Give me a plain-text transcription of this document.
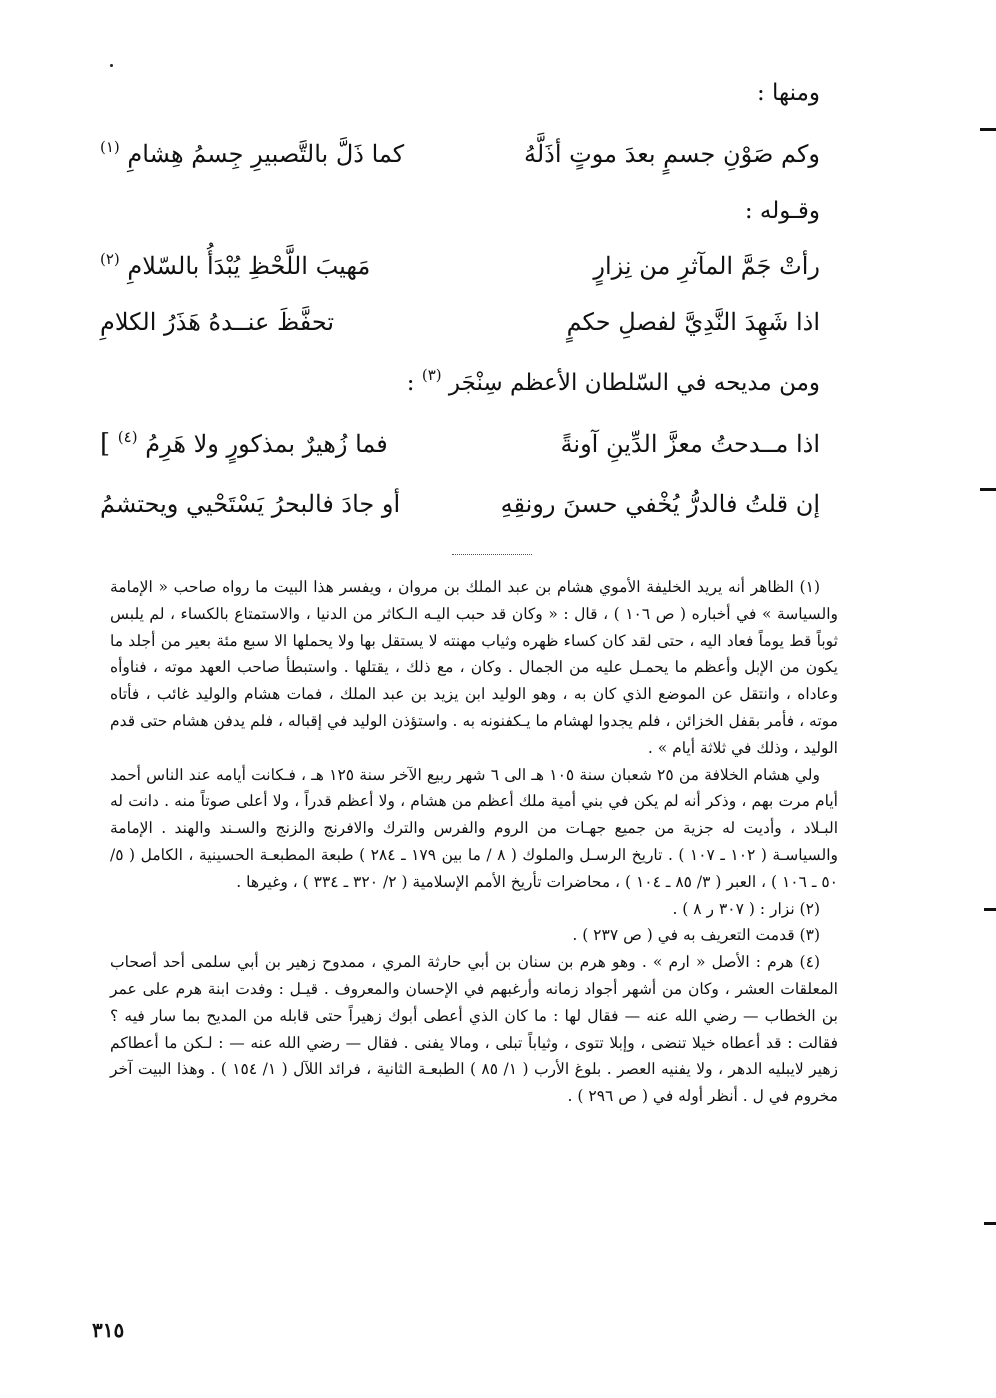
ومنها :
وكم صَوْنِ جسمٍ بعدَ موتٍ أذَلَّهُ
كما ذَلَّ بالتَّصبيرِ جِسمُ هِشامِ $^{(١)}$
وقـوله :
رأتْ جَمَّ المآثرِ من نِزارٍ
مَهيبَ اللَّحْظِ يُبْدَأُ بالسّلامِ $^{(٢)}$
اذا شَهِدَ النَّدِيَّ لفصلِ حكمٍ
تحفَّظَ عنــدهُ هَذَرُ الكلامِ
ومن مديحه في السّلطان الأعظم سِنْجَر $^{(٣)}$ :
اذا مــدحتُ معزَّ الدِّينِ آونةً
فما زُهيرٌ بمذكورٍ ولا هَرِمُ $^{(٤)}$ ]
إن قلتُ فالدرُّ يُخْفي حسنَ رونقِهِ
أو جادَ فالبحرُ يَسْتَحْيي ويحتشمُ

(١) الظاهر أنه يريد الخليفة الأموي هشام بن عبد الملك بن مروان ، ويفسر هذا البيت ما رواه صاحب « الإمامة والسياسة » في أخباره ( ص ١٠٦ ) ، قال : « وكان قد حبب اليـه الـكاثر من الدنيا ، والاستمتاع بالكساء ، لم يلبس ثوباً قط يوماً فعاد اليه ، حتى لقد كان كساء ظهره وثياب مهنته لا يستقل بها ولا يحملها الا سبع مئة بعير من أجلد ما يكون من الإبل وأعظم ما يحمـل عليه من الجمال . وكان ، مع ذلك ، يقتلها . واستبطأ صاحب العهد موته ، فناوأه وعاداه ، وانتقل عن الموضع الذي كان به ، وهو الوليد ابن يزيد بن عبد الملك ، فمات هشام والوليد غائب ، فأتاه موته ، فأمر بقفل الخزائن ، فلم يجدوا لهشام ما يـكفنونه به . واستؤذن الوليد في إقباله ، فلم يدفن هشام حتى قدم الوليد ، وذلك في ثلاثة أيام » .

ولي هشام الخلافة من ٢٥ شعبان سنة ١٠٥ هـ الى ٦ شهر ربيع الآخر سنة ١٢٥ هـ ، فـكانت أيامه عند الناس أحمد أيام مرت بهم ، وذكر أنه لم يكن في بني أمية ملك أعظم من هشام ، ولا أعظم قدراً ، ولا أعلى صوتاً منه . دانت له البـلاد ، وأديت له جزية من جميع جهـات من الروم والفرس والترك والافرنج والزنج والسـند والهند . الإمامة والسياسـة ( ١٠٢ ـ ١٠٧ ) . تاريخ الرسـل والملوك ( ٨ / ما بين ١٧٩ ـ ٢٨٤ ) طبعة المطبعـة الحسينية ، الكامل ( ٥/ ٥٠ ـ ١٠٦ ) ، العبر ( ٣/ ٨٥ ـ ١٠٤ ) ، محاضرات تأريخ الأمم الإسلامية ( ٢/ ٣٢٠ ـ ٣٣٤ ) ، وغيرها .

(٢) نزار : ( ٣٠٧ ر ٨ ) .

(٣) قدمت التعريف به في ( ص ٢٣٧ ) .

(٤) هرم : الأصل « ارم » . وهو هرم بن سنان بن أبي حارثة المري ، ممدوح زهير بن أبي سلمى أحد أصحاب المعلقات العشر ، وكان من أشهر أجواد زمانه وأرغبهم في الإحسان والمعروف . قيـل : وفدت ابنة هرم على عمر بن الخطاب — رضي الله عنه — فقال لها : ما كان الذي أعطى أبوك زهيراً حتى قابله من المديح بما سار فيه ؟ فقالت : قد أعطاه خيلا تنضى ، وإبلا تتوى ، وثياباً تبلى ، ومالا يفنى . فقال — رضي الله عنه — : لـكن ما أعطاكم زهير لايبليه الدهر ، ولا يفنيه العصر . بلوغ الأرب ( ١/ ٨٥ ) الطبعـة الثانية ، فرائد اللآل ( ١/ ١٥٤ ) . وهذا البيت آخر مخروم في ل . أنظر أوله في ( ص ٢٩٦ ) .

٣١٥
